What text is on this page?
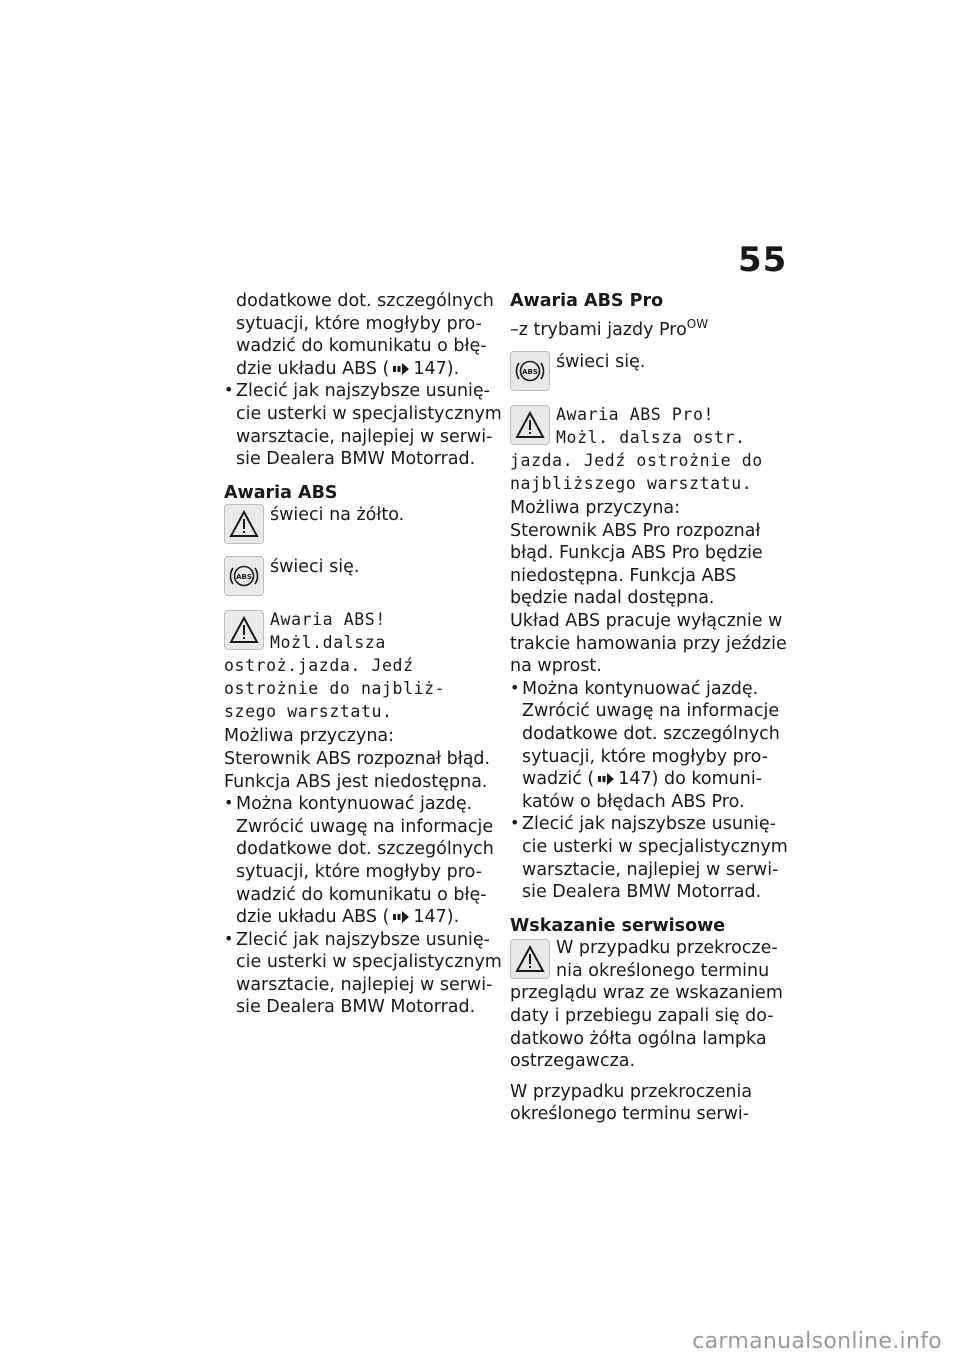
55
dodatkowe dot. szczególnych
sytuacji, które mogłyby pro-
wadzić do komunikatu o błę-
dzie układu ABS ( 147).
• Zlecić jak najszybsze usunię-
cie usterki w specjalistycznym
warsztacie, najlepiej w serwi-
sie Dealera BMW Motorrad.
Awaria ABS
świeci na żółto.
ABS świeci się.
Awaria ABS!
Możl.dalsza
ostroż.jazda. Jedź
ostrożnie do najbliż-
szego warsztatu.
Możliwa przyczyna:
Sterownik ABS rozpoznał błąd.
Funkcja ABS jest niedostępna.
• Można kontynuować jazdę.
Zwrócić uwagę na informacje
dodatkowe dot. szczególnych
sytuacji, które mogłyby pro-
wadzić do komunikatu o błę-
dzie układu ABS ( 147).
• Zlecić jak najszybsze usunię-
cie usterki w specjalistycznym
warsztacie, najlepiej w serwi-
sie Dealera BMW Motorrad.
Awaria ABS Pro
–z trybami jazdy Pro$^{OW}$
ABS świeci się.
Awaria ABS Pro!
Możl. dalsza ostr.
jazda. Jedź ostrożnie do
najbliższego warsztatu.
Możliwa przyczyna:
Sterownik ABS Pro rozpoznał
błąd. Funkcja ABS Pro będzie
niedostępna. Funkcja ABS
będzie nadal dostępna.
Układ ABS pracuje wyłącznie w
trakcie hamowania przy jeździe
na wprost.
• Można kontynuować jazdę.
Zwrócić uwagę na informacje
dodatkowe dot. szczególnych
sytuacji, które mogłyby pro-
wadzić ( 147) do komuni-
katów o błędach ABS Pro.
• Zlecić jak najszybsze usunię-
cie usterki w specjalistycznym
warsztacie, najlepiej w serwi-
sie Dealera BMW Motorrad.
Wskazanie serwisowe
W przypadku przekrocze-
nia określonego terminu
przeglądu wraz ze wskazaniem
daty i przebiegu zapali się do-
datkowo żółta ogólna lampka
ostrzegawcza.
W przypadku przekroczenia
określonego terminu serwi-
carmanualsonline.info
